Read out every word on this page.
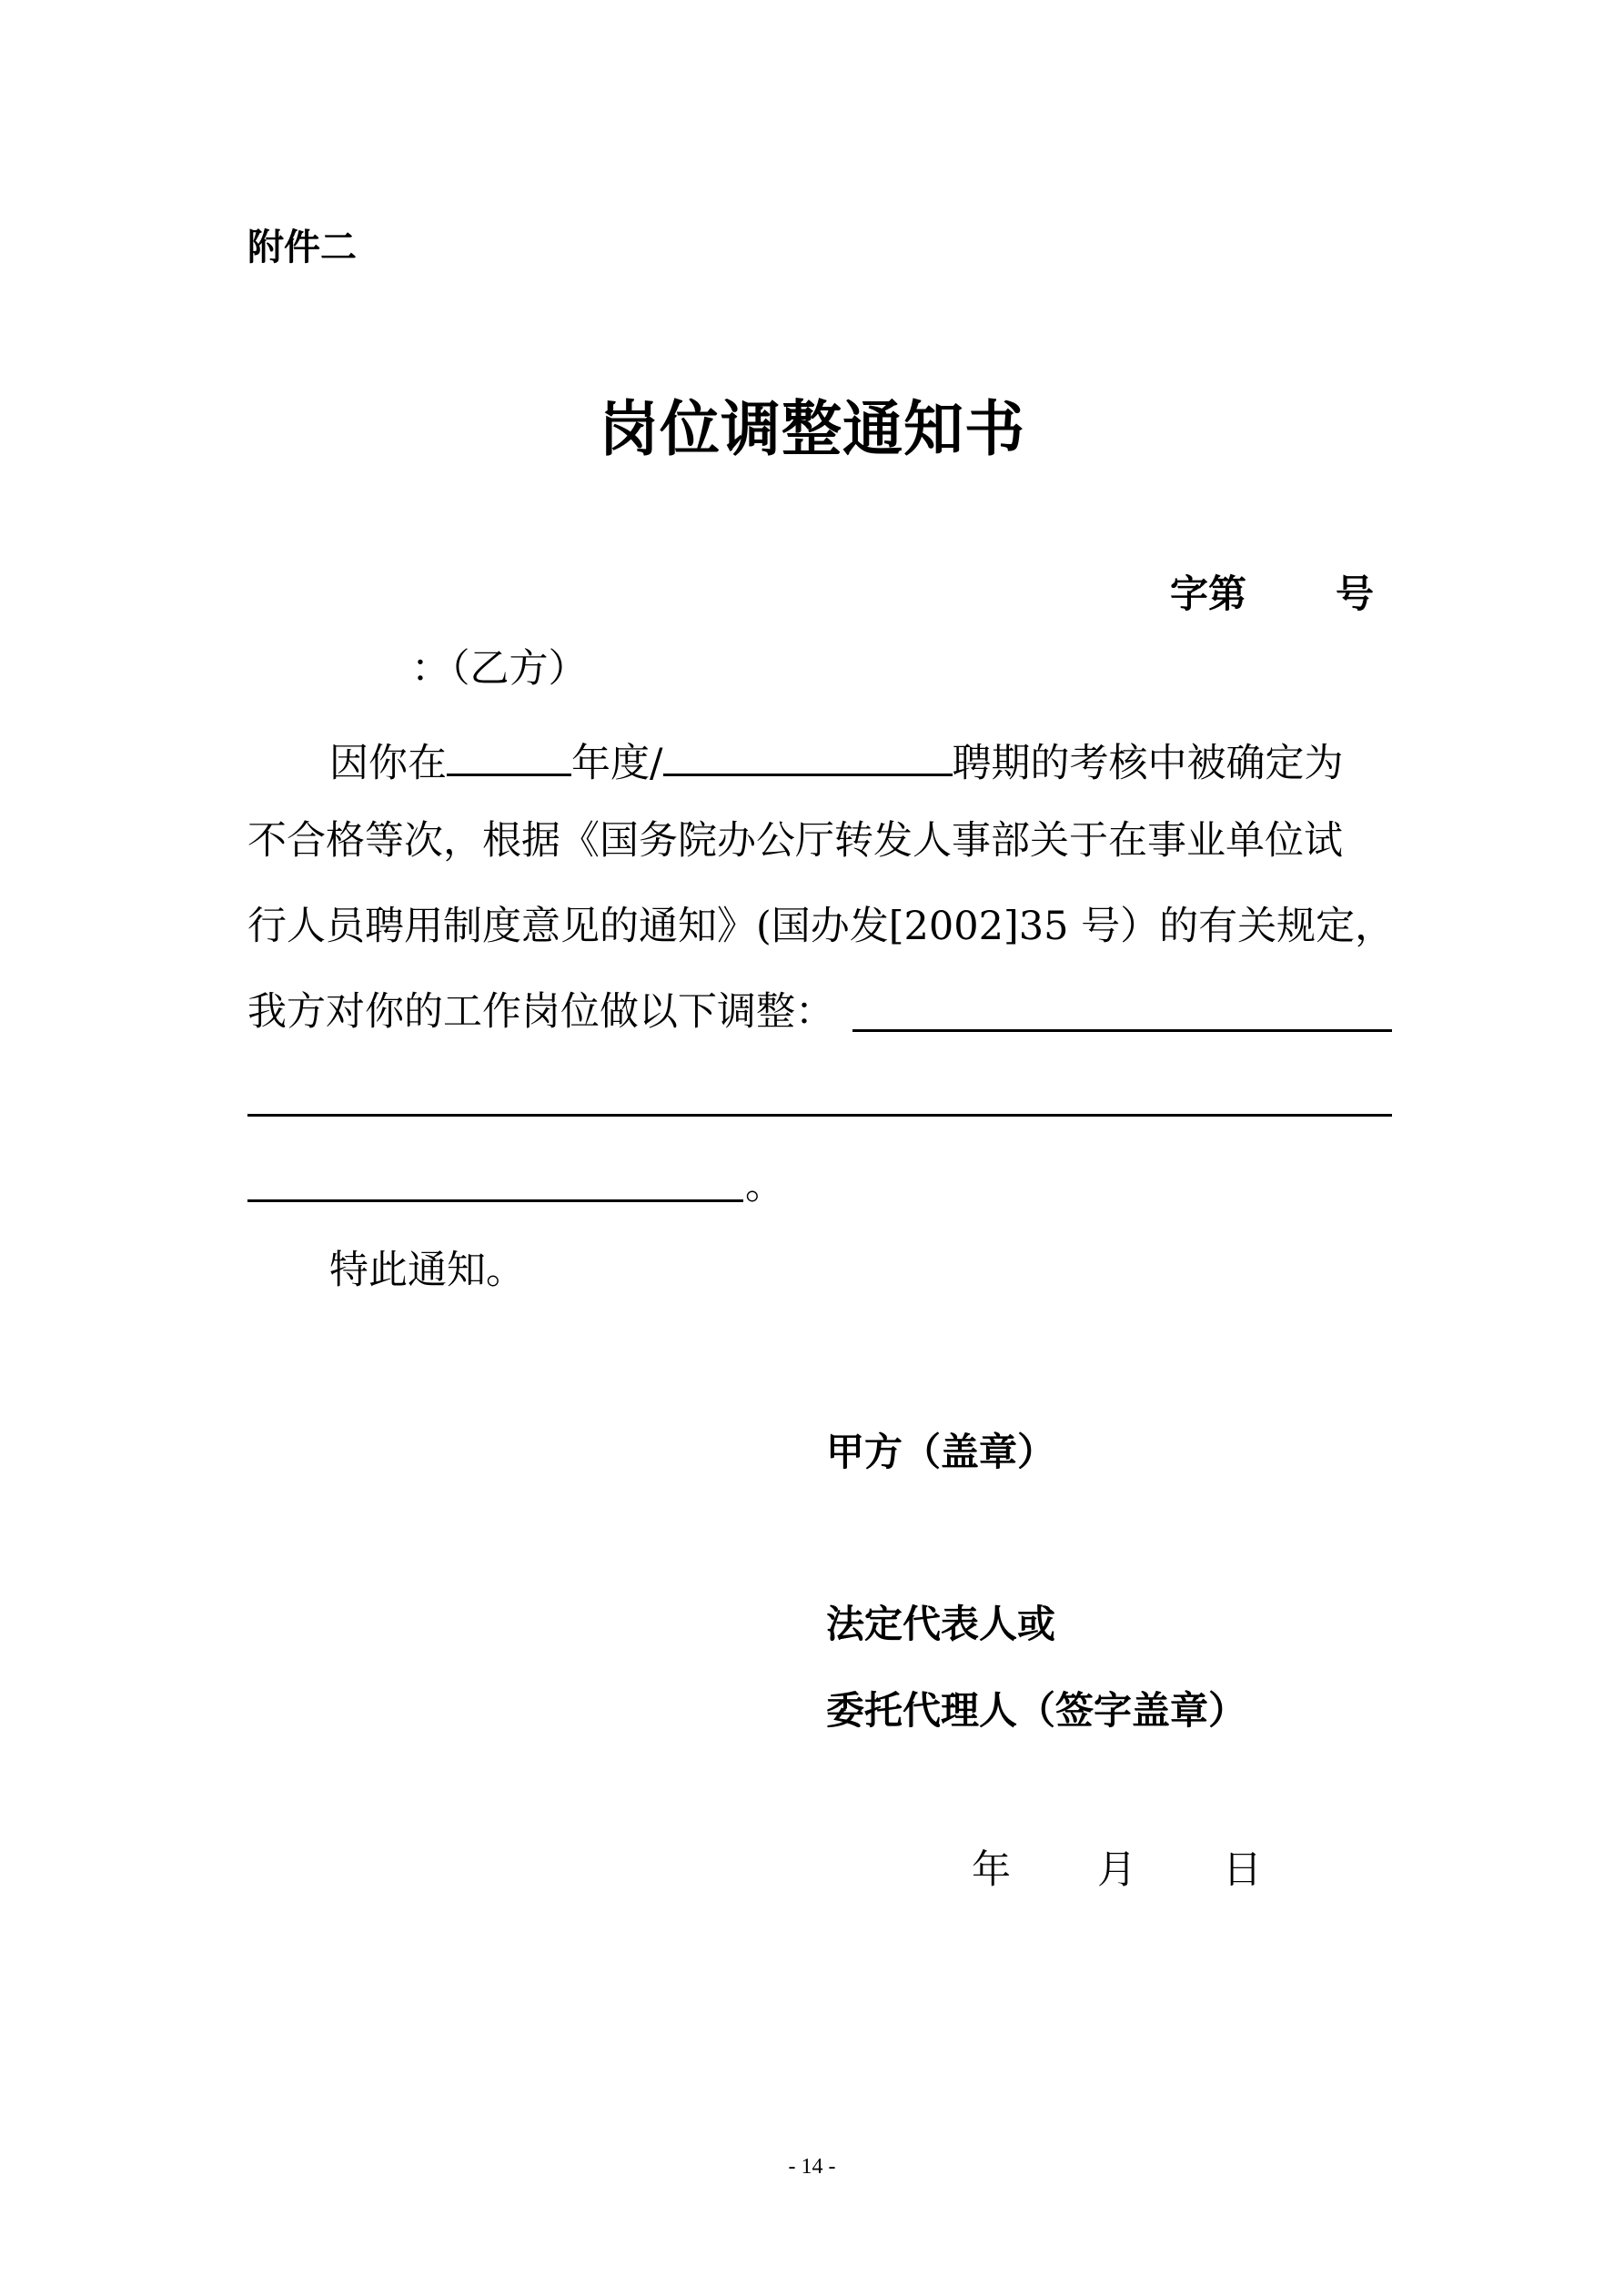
附件二
岗位调整通知书
字第 号
：（乙方）
因你在	年度/	聘期的考核中被确定为
不合格等次，根据《国务院办公厅转发人事部关于在事业单位试
行人员聘用制度意见的通知》(国办发[2002]35 号）的有关规定，
我方对你的工作岗位做以下调整：
。
特此通知。
甲方（盖章）
法定代表人或
委托代理人（签字盖章）
年 月 日
- 14 -
